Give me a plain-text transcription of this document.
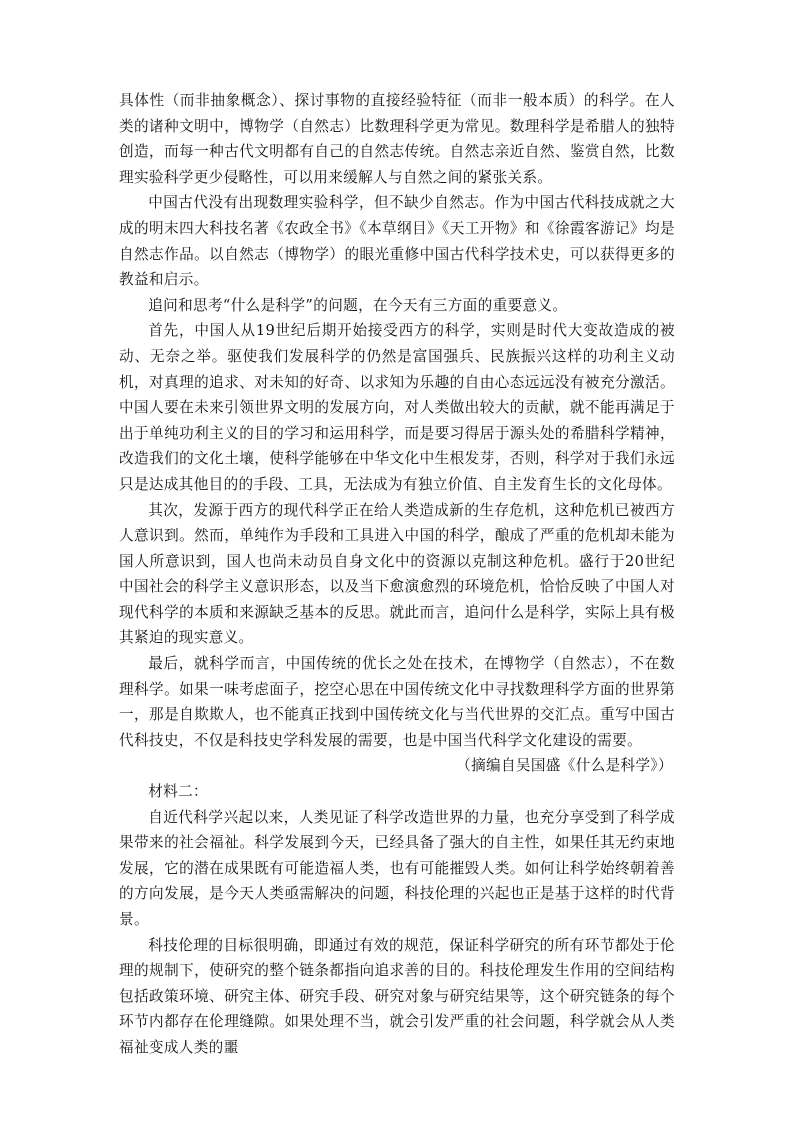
具体性（而非抽象概念）、探讨事物的直接经验特征（而非一般本质）的科学。在人类的诸种文明中，博物学（自然志）比数理科学更为常见。数理科学是希腊人的独特创造，而每一种古代文明都有自己的自然志传统。自然志亲近自然、鉴赏自然，比数理实验科学更少侵略性，可以用来缓解人与自然之间的紧张关系。

中国古代没有出现数理实验科学，但不缺少自然志。作为中国古代科技成就之大成的明末四大科技名著《农政全书》《本草纲目》《天工开物》和《徐霞客游记》均是自然志作品。以自然志（博物学）的眼光重修中国古代科学技术史，可以获得更多的教益和启示。

追问和思考“什么是科学”的问题，在今天有三方面的重要意义。

首先，中国人从19世纪后期开始接受西方的科学，实则是时代大变故造成的被动、无奈之举。驱使我们发展科学的仍然是富国强兵、民族振兴这样的功利主义动机，对真理的追求、对未知的好奇、以求知为乐趣的自由心态远远没有被充分激活。中国人要在未来引领世界文明的发展方向，对人类做出较大的贡献，就不能再满足于出于单纯功利主义的目的学习和运用科学，而是要习得居于源头处的希腊科学精神，改造我们的文化土壤，使科学能够在中华文化中生根发芽，否则，科学对于我们永远只是达成其他目的的手段、工具，无法成为有独立价值、自主发育生长的文化母体。

其次，发源于西方的现代科学正在给人类造成新的生存危机，这种危机已被西方人意识到。然而，单纯作为手段和工具进入中国的科学，酿成了严重的危机却未能为国人所意识到，国人也尚未动员自身文化中的资源以克制这种危机。盛行于20世纪中国社会的科学主义意识形态，以及当下愈演愈烈的环境危机，恰恰反映了中国人对现代科学的本质和来源缺乏基本的反思。就此而言，追问什么是科学，实际上具有极其紧迫的现实意义。

最后，就科学而言，中国传统的优长之处在技术，在博物学（自然志），不在数理科学。如果一味考虑面子，挖空心思在中国传统文化中寻找数理科学方面的世界第一，那是自欺欺人，也不能真正找到中国传统文化与当代世界的交汇点。重写中国古代科技史，不仅是科技史学科发展的需要，也是中国当代科学文化建设的需要。

（摘编自吴国盛《什么是科学》）

材料二：

自近代科学兴起以来，人类见证了科学改造世界的力量，也充分享受到了科学成果带来的社会福祉。科学发展到今天，已经具备了强大的自主性，如果任其无约束地发展，它的潜在成果既有可能造福人类，也有可能摧毁人类。如何让科学始终朝着善的方向发展，是今天人类亟需解决的问题，科技伦理的兴起也正是基于这样的时代背景。

科技伦理的目标很明确，即通过有效的规范，保证科学研究的所有环节都处于伦理的规制下，使研究的整个链条都指向追求善的目的。科技伦理发生作用的空间结构包括政策环境、研究主体、研究手段、研究对象与研究结果等，这个研究链条的每个环节内都存在伦理缝隙。如果处理不当，就会引发严重的社会问题，科学就会从人类福祉变成人类的噩
